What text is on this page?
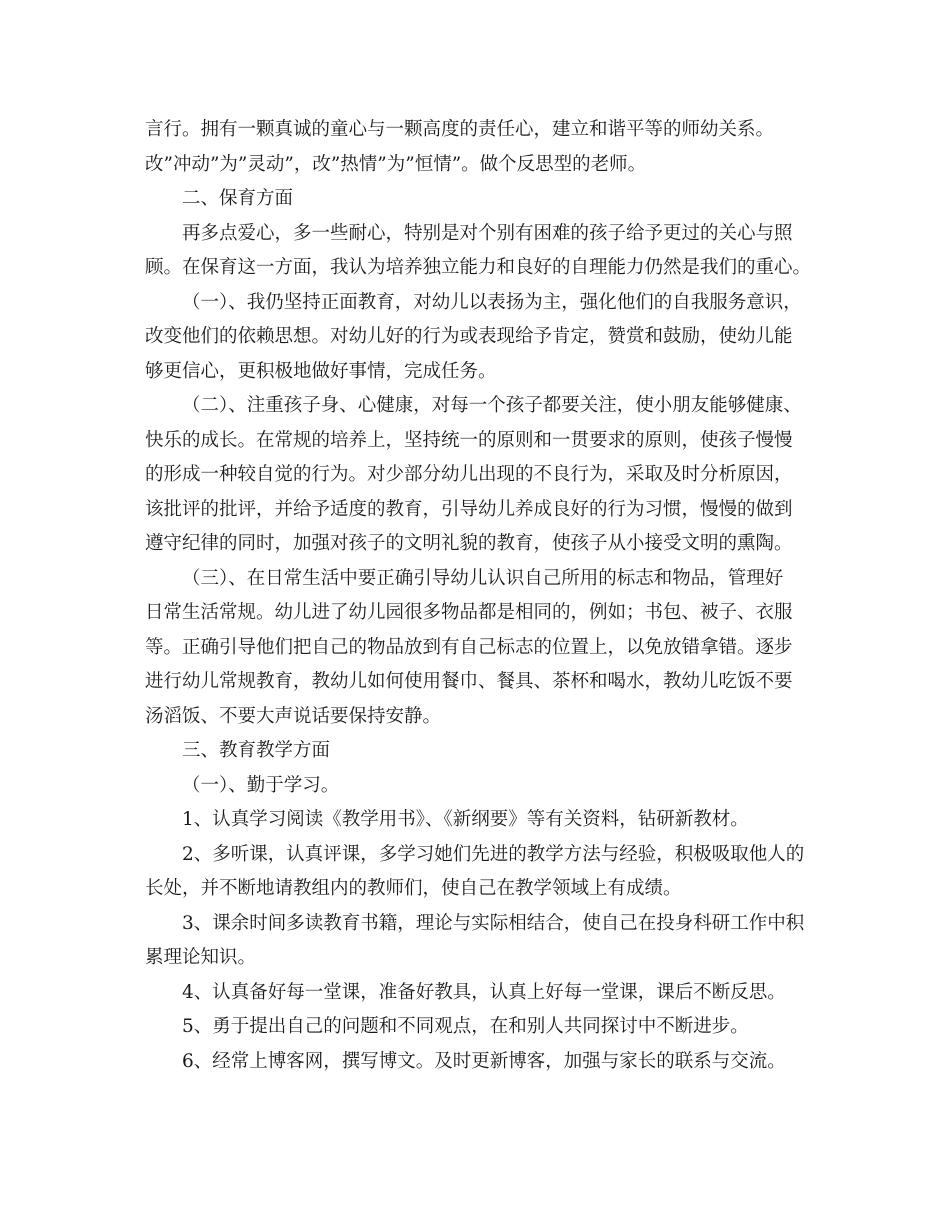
言行。拥有一颗真诚的童心与一颗高度的责任心，建立和谐平等的师幼关系。
改”冲动”为”灵动”，改”热情”为”恒情”。做个反思型的老师。
二、保育方面
再多点爱心，多一些耐心，特别是对个别有困难的孩子给予更过的关心与照
顾。在保育这一方面，我认为培养独立能力和良好的自理能力仍然是我们的重心。
（一）、我仍坚持正面教育，对幼儿以表扬为主，强化他们的自我服务意识，
改变他们的依赖思想。对幼儿好的行为或表现给予肯定，赞赏和鼓励，使幼儿能
够更信心，更积极地做好事情，完成任务。
（二）、注重孩子身、心健康，对每一个孩子都要关注，使小朋友能够健康、
快乐的成长。在常规的培养上，坚持统一的原则和一贯要求的原则，使孩子慢慢
的形成一种较自觉的行为。对少部分幼儿出现的不良行为，采取及时分析原因，
该批评的批评，并给予适度的教育，引导幼儿养成良好的行为习惯，慢慢的做到
遵守纪律的同时，加强对孩子的文明礼貌的教育，使孩子从小接受文明的熏陶。
（三）、在日常生活中要正确引导幼儿认识自己所用的标志和物品，管理好
日常生活常规。幼儿进了幼儿园很多物品都是相同的，例如；书包、被子、衣服
等。正确引导他们把自己的物品放到有自己标志的位置上，以免放错拿错。逐步
进行幼儿常规教育，教幼儿如何使用餐巾、餐具、茶杯和喝水，教幼儿吃饭不要
汤滔饭、不要大声说话要保持安静。
三、教育教学方面
（一）、勤于学习。
1、认真学习阅读《教学用书》、《新纲要》等有关资料，钻研新教材。
2、多听课，认真评课，多学习她们先进的教学方法与经验，积极吸取他人的
长处，并不断地请教组内的教师们，使自己在教学领域上有成绩。
3、课余时间多读教育书籍，理论与实际相结合，使自己在投身科研工作中积
累理论知识。
4、认真备好每一堂课，准备好教具，认真上好每一堂课，课后不断反思。
5、勇于提出自己的问题和不同观点，在和别人共同探讨中不断进步。
6、经常上博客网，撰写博文。及时更新博客，加强与家长的联系与交流。
